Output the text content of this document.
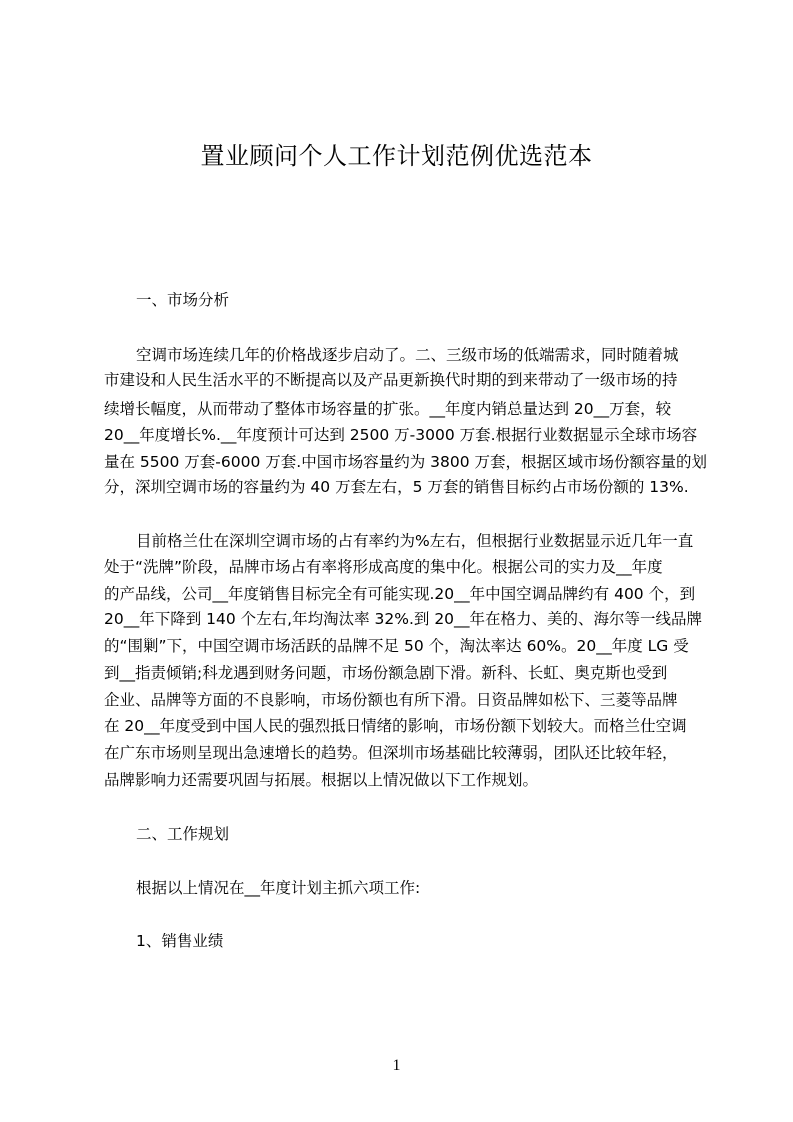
置业顾问个人工作计划范例优选范本
一、市场分析
空调市场连续几年的价格战逐步启动了。二、三级市场的低端需求，同时随着城
市建设和人民生活水平的不断提高以及产品更新换代时期的到来带动了一级市场的持
续增长幅度，从而带动了整体市场容量的扩张。__年度内销总量达到 20__万套，较
20__年度增长%.__年度预计可达到 2500 万-3000 万套.根据行业数据显示全球市场容
量在 5500 万套-6000 万套.中国市场容量约为 3800 万套，根据区域市场份额容量的划
分，深圳空调市场的容量约为 40 万套左右，5 万套的销售目标约占市场份额的 13%.
目前格兰仕在深圳空调市场的占有率约为%左右，但根据行业数据显示近几年一直
处于“洗牌”阶段，品牌市场占有率将形成高度的集中化。根据公司的实力及__年度
的产品线，公司__年度销售目标完全有可能实现.20__年中国空调品牌约有 400 个，到
20__年下降到 140 个左右,年均淘汰率 32%.到 20__年在格力、美的、海尔等一线品牌
的“围剿”下，中国空调市场活跃的品牌不足 50 个，淘汰率达 60%。20__年度 LG 受
到__指责倾销;科龙遇到财务问题，市场份额急剧下滑。新科、长虹、奥克斯也受到
企业、品牌等方面的不良影响，市场份额也有所下滑。日资品牌如松下、三菱等品牌
在 20__年度受到中国人民的强烈抵日情绪的影响，市场份额下划较大。而格兰仕空调
在广东市场则呈现出急速增长的趋势。但深圳市场基础比较薄弱，团队还比较年轻，
品牌影响力还需要巩固与拓展。根据以上情况做以下工作规划。
二、工作规划
根据以上情况在__年度计划主抓六项工作:
1、销售业绩
1
